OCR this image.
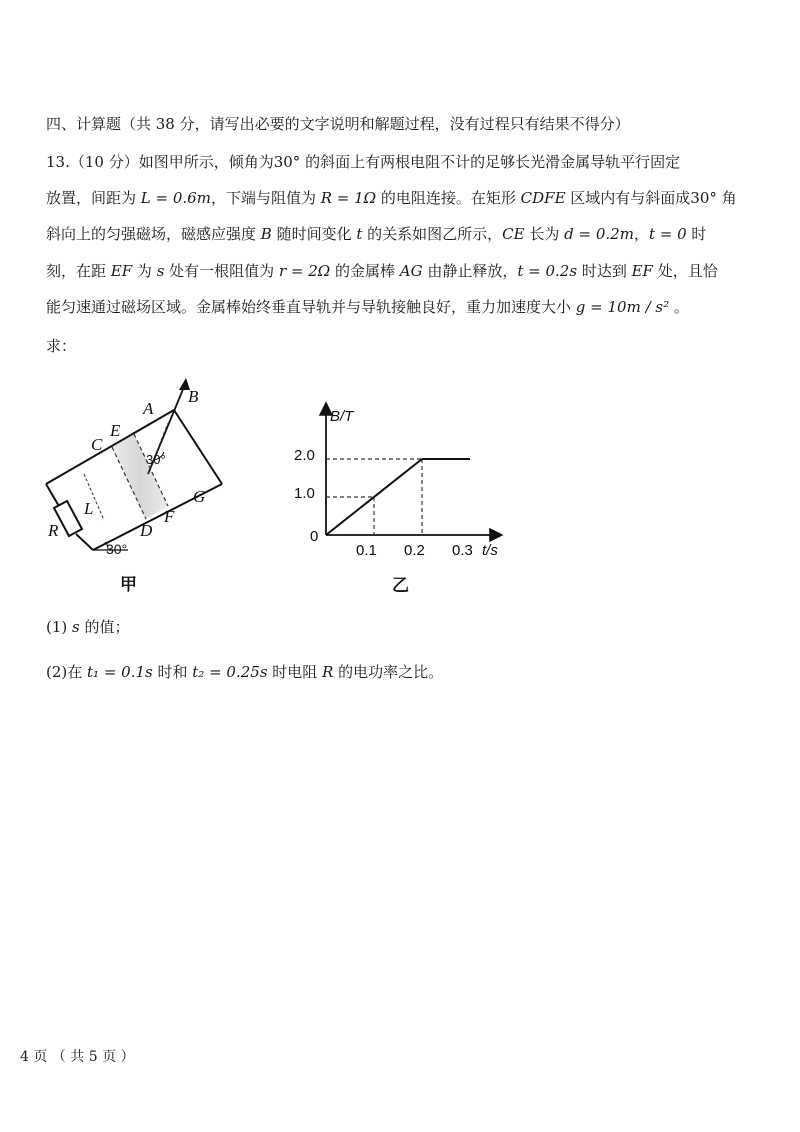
四、计算题（共 38 分，请写出必要的文字说明和解题过程，没有过程只有结果不得分）
13.（10 分）如图甲所示，倾角为30° 的斜面上有两根电阻不计的足够长光滑金属导轨平行固定
放置，间距为 L = 0.6m，下端与阻值为 R = 1Ω 的电阻连接。在矩形 CDFE 区域内有与斜面成30° 角
斜向上的匀强磁场，磁感应强度 B 随时间变化 t 的关系如图乙所示，CE 长为 d = 0.2m，t = 0 时
刻，在距 EF 为 s 处有一根阻值为 r = 2Ω 的金属棒 AG 由静止释放，t = 0.2s 时达到 EF 处，且恰
能匀速通过磁场区域。金属棒始终垂直导轨并与导轨接触良好，重力加速度大小 g = 10m / s² 。
求：
A
B
C
E
D
F
G
L
R
30°
30°
甲
B/T
t/s
0
1.0
2.0
0.1 0.2 0.3
乙
(1) s 的值；
(2)在 t₁ = 0.1s 时和 t₂ = 0.25s 时电阻 R 的电功率之比。
4 页 （ 共 5 页 ）
